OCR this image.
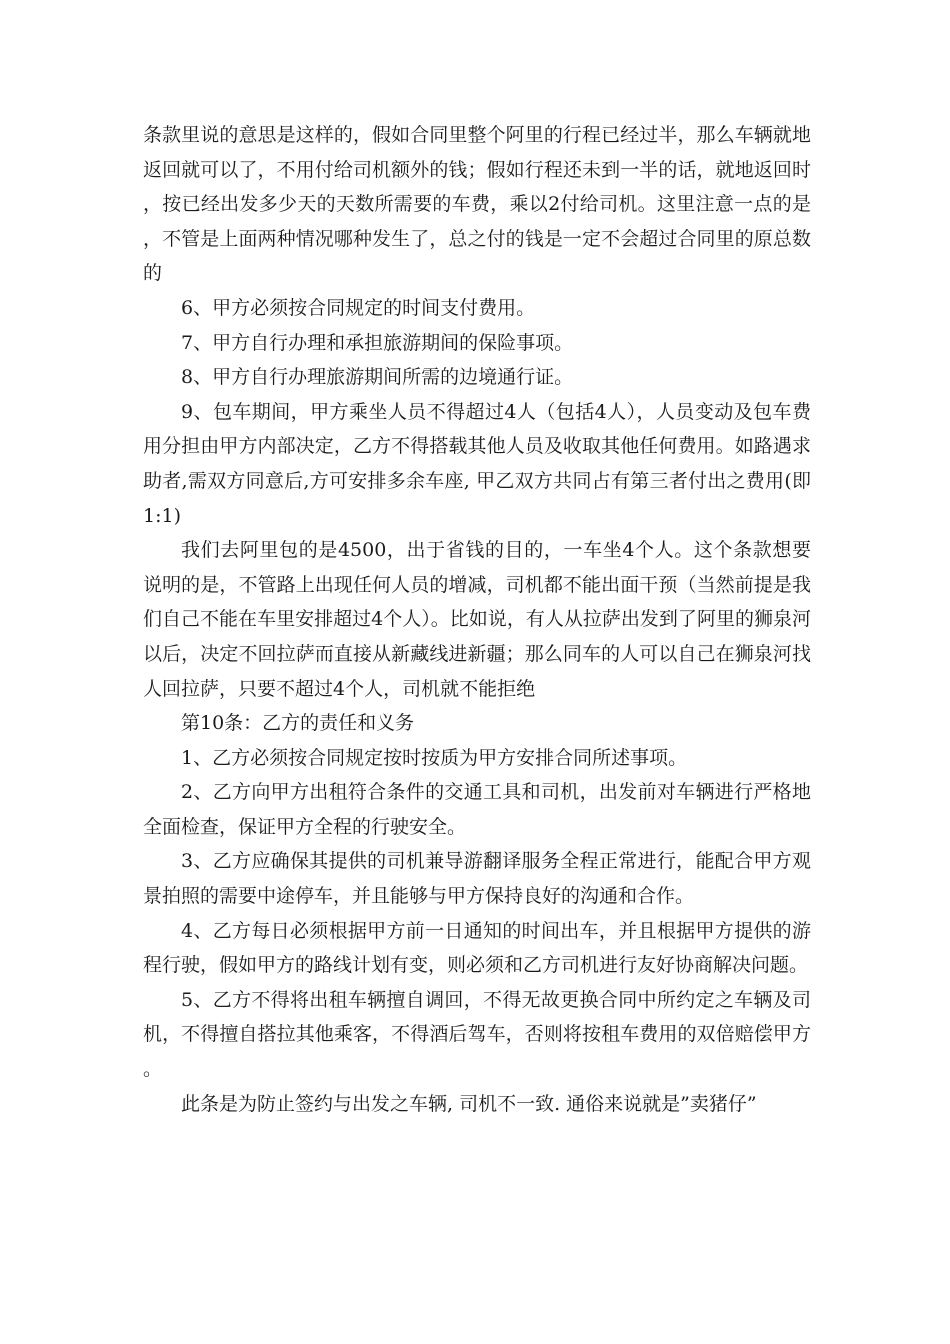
条款里说的意思是这样的，假如合同里整个阿里的行程已经过半，那么车辆就地返回就可以了，不用付给司机额外的钱；假如行程还未到一半的话，就地返回时，按已经出发多少天的天数所需要的车费，乘以2付给司机。这里注意一点的是，不管是上面两种情况哪种发生了，总之付的钱是一定不会超过合同里的原总数的

6、甲方必须按合同规定的时间支付费用。

7、甲方自行办理和承担旅游期间的保险事项。

8、甲方自行办理旅游期间所需的边境通行证。

9、包车期间，甲方乘坐人员不得超过4人（包括4人），人员变动及包车费用分担由甲方内部决定，乙方不得搭载其他人员及收取其他任何费用。如路遇求助者,需双方同意后,方可安排多余车座, 甲乙双方共同占有第三者付出之费用(即1:1)

我们去阿里包的是4500，出于省钱的目的，一车坐4个人。这个条款想要说明的是，不管路上出现任何人员的增减，司机都不能出面干预（当然前提是我们自己不能在车里安排超过4个人）。比如说，有人从拉萨出发到了阿里的狮泉河以后，决定不回拉萨而直接从新藏线进新疆；那么同车的人可以自己在狮泉河找人回拉萨，只要不超过4个人，司机就不能拒绝

第10条：乙方的责任和义务

1、乙方必须按合同规定按时按质为甲方安排合同所述事项。

2、乙方向甲方出租符合条件的交通工具和司机，出发前对车辆进行严格地全面检查，保证甲方全程的行驶安全。

3、乙方应确保其提供的司机兼导游翻译服务全程正常进行，能配合甲方观景拍照的需要中途停车，并且能够与甲方保持良好的沟通和合作。

4、乙方每日必须根据甲方前一日通知的时间出车，并且根据甲方提供的游程行驶，假如甲方的路线计划有变，则必须和乙方司机进行友好协商解决问题。

5、乙方不得将出租车辆擅自调回，不得无故更换合同中所约定之车辆及司机，不得擅自搭拉其他乘客，不得酒后驾车，否则将按租车费用的双倍赔偿甲方。

此条是为防止签约与出发之车辆, 司机不一致. 通俗来说就是”卖猪仔”
